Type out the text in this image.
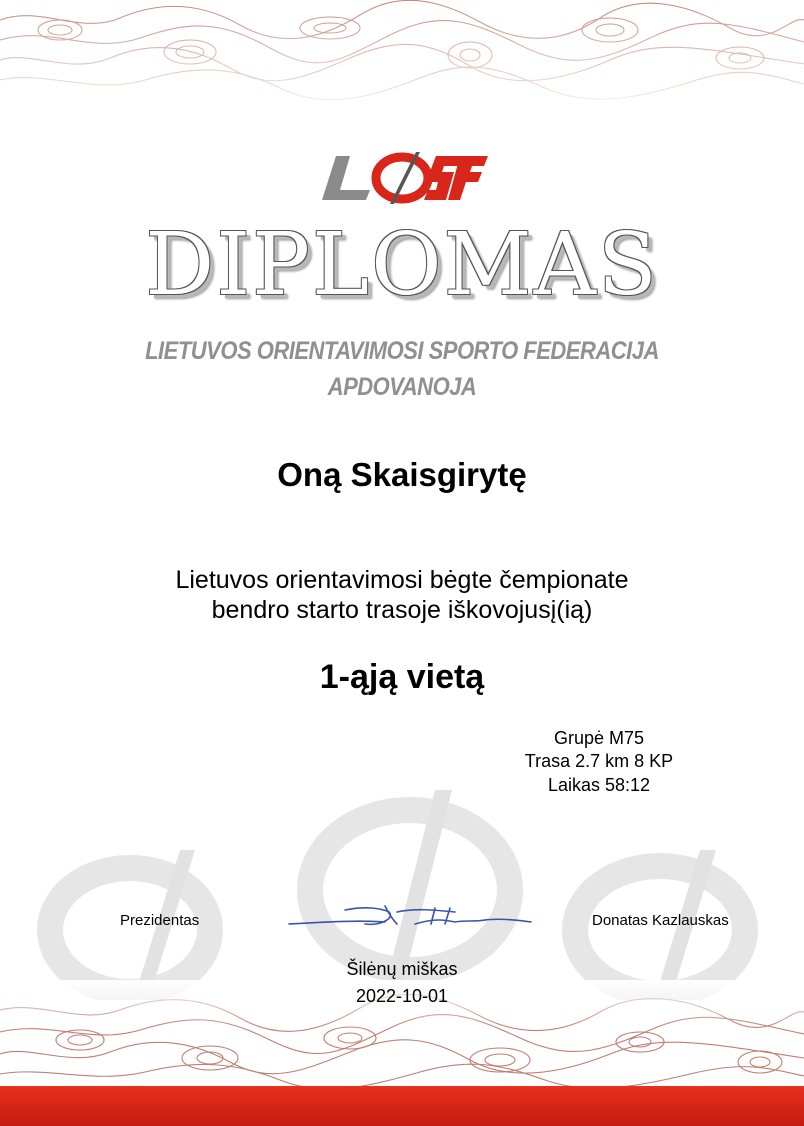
DIPLOMAS
LIETUVOS ORIENTAVIMOSI SPORTO FEDERACIJA
APDOVANOJA
Oną Skaisgirytę
Lietuvos orientavimosi bėgte čempionate
bendro starto trasoje iškovojusį(ią)
1-ąją vietą
Grupė M75
Trasa 2.7 km 8 KP
Laikas 58:12
Prezidentas	Donatas Kazlauskas
Šilėnų miškas
2022-10-01
